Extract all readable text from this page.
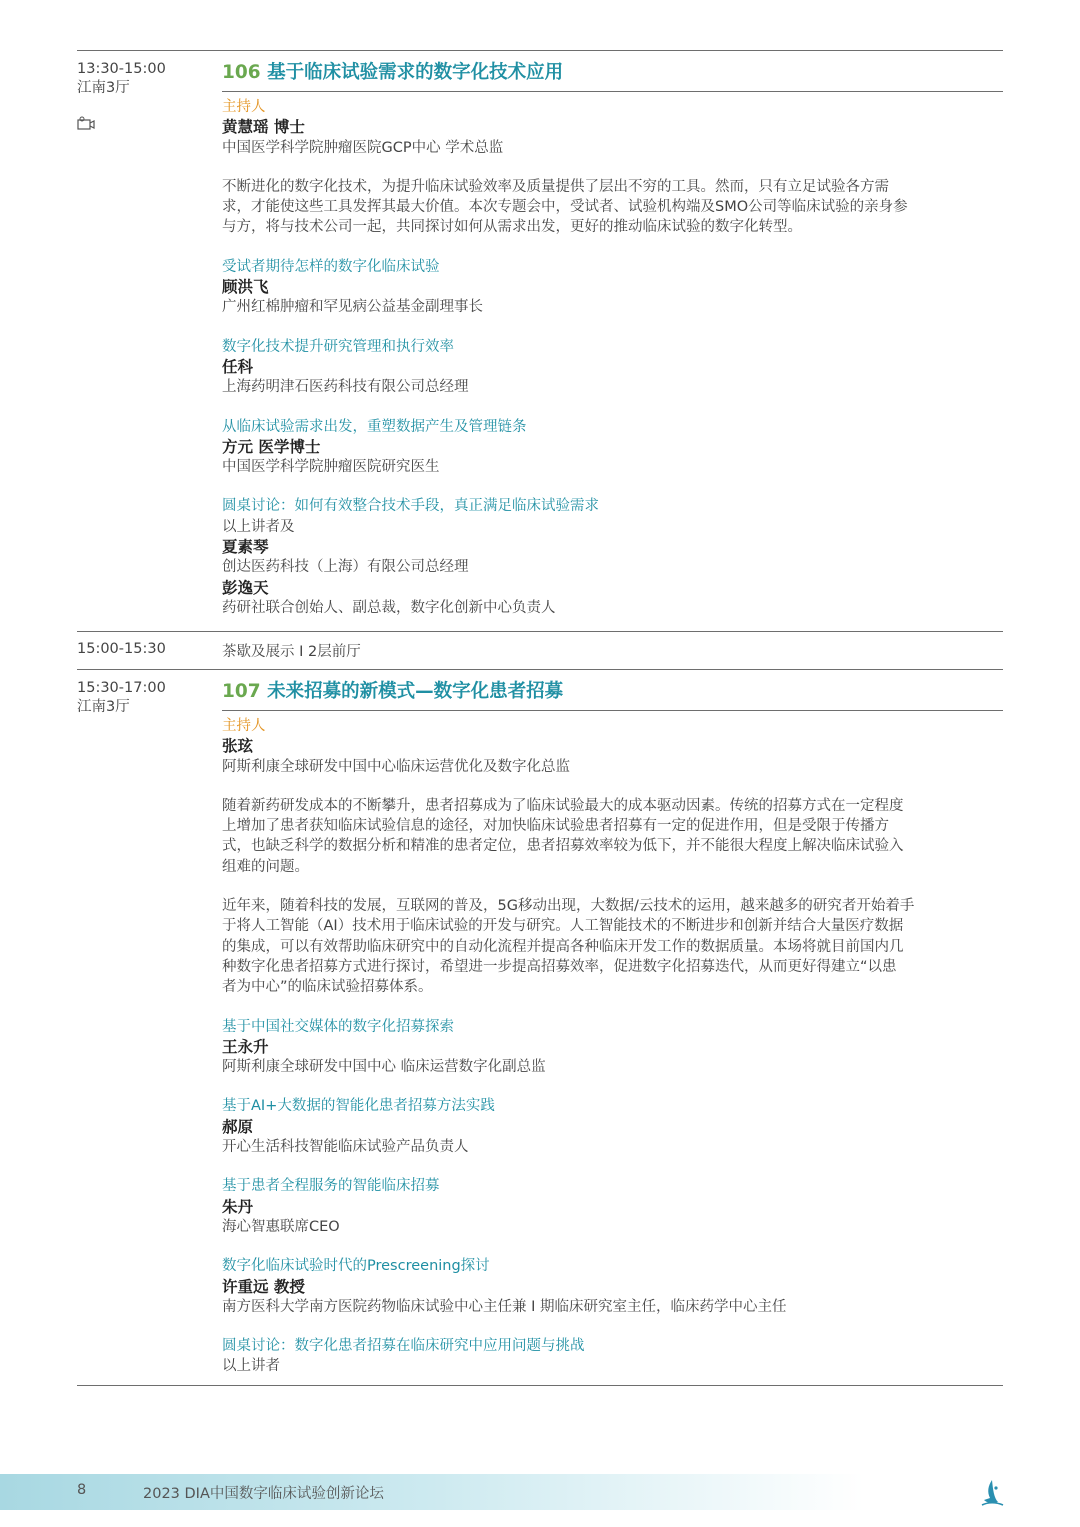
13:30-15:00
江南3厅
106 基于临床试验需求的数字化技术应用
主持人
黄慧瑶 博士
中国医学科学院肿瘤医院GCP中心 学术总监

不断进化的数字化技术，为提升临床试验效率及质量提供了层出不穷的工具。然而，只有立足试验各方需
求，才能使这些工具发挥其最大价值。本次专题会中，受试者、试验机构端及SMO公司等临床试验的亲身参
与方，将与技术公司一起，共同探讨如何从需求出发，更好的推动临床试验的数字化转型。

受试者期待怎样的数字化临床试验
顾洪飞
广州红棉肿瘤和罕见病公益基金副理事长
数字化技术提升研究管理和执行效率
任科
上海药明津石医药科技有限公司总经理
从临床试验需求出发，重塑数据产生及管理链条
方元 医学博士
中国医学科学院肿瘤医院研究医生
圆桌讨论：如何有效整合技术手段，真正满足临床试验需求
以上讲者及
夏素琴
创达医药科技（上海）有限公司总经理
彭逸天
药研社联合创始人、副总裁，数字化创新中心负责人
15:00-15:30	茶歇及展示 I 2层前厅
15:30-17:00
江南3厅
107 未来招募的新模式—数字化患者招募
主持人
张玹
阿斯利康全球研发中国中心临床运营优化及数字化总监

随着新药研发成本的不断攀升，患者招募成为了临床试验最大的成本驱动因素。传统的招募方式在一定程度
上增加了患者获知临床试验信息的途径，对加快临床试验患者招募有一定的促进作用，但是受限于传播方
式，也缺乏科学的数据分析和精准的患者定位，患者招募效率较为低下，并不能很大程度上解决临床试验入
组难的问题。

近年来，随着科技的发展，互联网的普及，5G移动出现，大数据/云技术的运用，越来越多的研究者开始着手
于将人工智能（AI）技术用于临床试验的开发与研究。人工智能技术的不断进步和创新并结合大量医疗数据
的集成，可以有效帮助临床研究中的自动化流程并提高各种临床开发工作的数据质量。本场将就目前国内几
种数字化患者招募方式进行探讨，希望进一步提高招募效率，促进数字化招募迭代，从而更好得建立“以患
者为中心”的临床试验招募体系。

基于中国社交媒体的数字化招募探索
王永升
阿斯利康全球研发中国中心 临床运营数字化副总监
基于AI+大数据的智能化患者招募方法实践
郝原
开心生活科技智能临床试验产品负责人
基于患者全程服务的智能临床招募
朱丹
海心智惠联席CEO
数字化临床试验时代的Prescreening探讨
许重远 教授
南方医科大学南方医院药物临床试验中心主任兼 I 期临床研究室主任，临床药学中心主任
圆桌讨论：数字化患者招募在临床研究中应用问题与挑战
以上讲者
8	2023 DIA中国数字临床试验创新论坛
